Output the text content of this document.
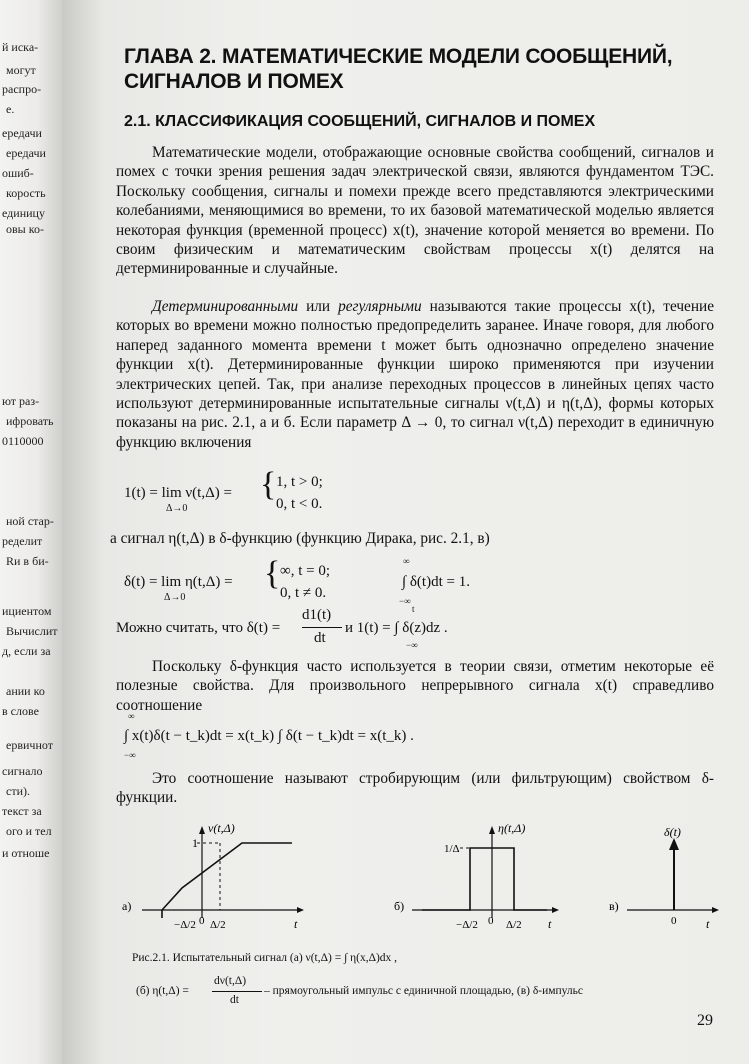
й иска-
могут
распро-
е.
ередачи
ередачи
ошиб-
корость
единицу
овы ко-
ют раз-
ифровать
0110000
ной стар-
ределит
Rи в би-
ициентом
Вычислит
д, если за
ании ко
в слове
ервичнот
сигнало
сти).
текст за
ого и тел
и отноше
ГЛАВА 2. МАТЕМАТИЧЕСКИЕ МОДЕЛИ СООБЩЕНИЙ, СИГНАЛОВ И ПОМЕХ
2.1. КЛАССИФИКАЦИЯ СООБЩЕНИЙ, СИГНАЛОВ И ПОМЕХ

Математические модели, отображающие основные свойства сообщений, сигналов и помех с точки зрения решения задач электрической связи, являются фундаментом ТЭС. Поскольку сообщения, сигналы и помехи прежде всего представляются электрическими колебаниями, меняющимися во времени, то их базовой математической моделью является некоторая функция (временной процесс) x(t), значение которой меняется во времени. По своим физическим и математическим свойствам процессы x(t) делятся на детерминированные и случайные.

Детерминированными или регулярными называются такие процессы x(t), течение которых во времени можно полностью предопределить заранее. Иначе говоря, для любого наперед заданного момента времени t может быть однозначно определено значение функции x(t). Детерминированные функции широко применяются при изучении электрических цепей. Так, при анализе переходных процессов в линейных цепях часто используют детерминированные испытательные сигналы ν(t,Δ) и η(t,Δ), формы которых показаны на рис. 2.1, а и б. Если параметр Δ → 0, то сигнал ν(t,Δ) переходит в единичную функцию включения

1(t) = lim ν(t,Δ) =
Δ→0
{ 1, t > 0;
0, t < 0.

а сигнал η(t,Δ) в δ-функцию (функцию Дирака, рис. 2.1, в)

δ(t) = lim η(t,Δ) =
Δ→0
{ ∞, t = 0;
0, t ≠ 0.
∫ δ(t)dt = 1.
∞
−∞
Можно считать, что δ(t) =
d1(t)
dt
и 1(t) = ∫ δ(z)dz .
t
−∞

Поскольку δ-функция часто используется в теории связи, отметим некоторые её полезные свойства. Для произвольного непрерывного сигнала x(t) справедливо соотношение

∫ x(t)δ(t − t_k)dt = x(t_k) ∫ δ(t − t_k)dt = x(t_k) .
∞
−∞

Это соотношение называют стробирующим (или фильтрующим) свойством δ-функции.

а)
ν(t,Δ)
1
t
−Δ/2 0 Δ/2
б)
η(t,Δ)
1/Δ
t
−Δ/2 0 Δ/2
в)
δ(t)
0 t
Рис.2.1. Испытательный сигнал (а) ν(t,Δ) = ∫ η(x,Δ)dx ,
(б) η(t,Δ) =
dν(t,Δ)
dt
– прямоугольный импульс с единичной площадью, (в) δ-импульс
29
